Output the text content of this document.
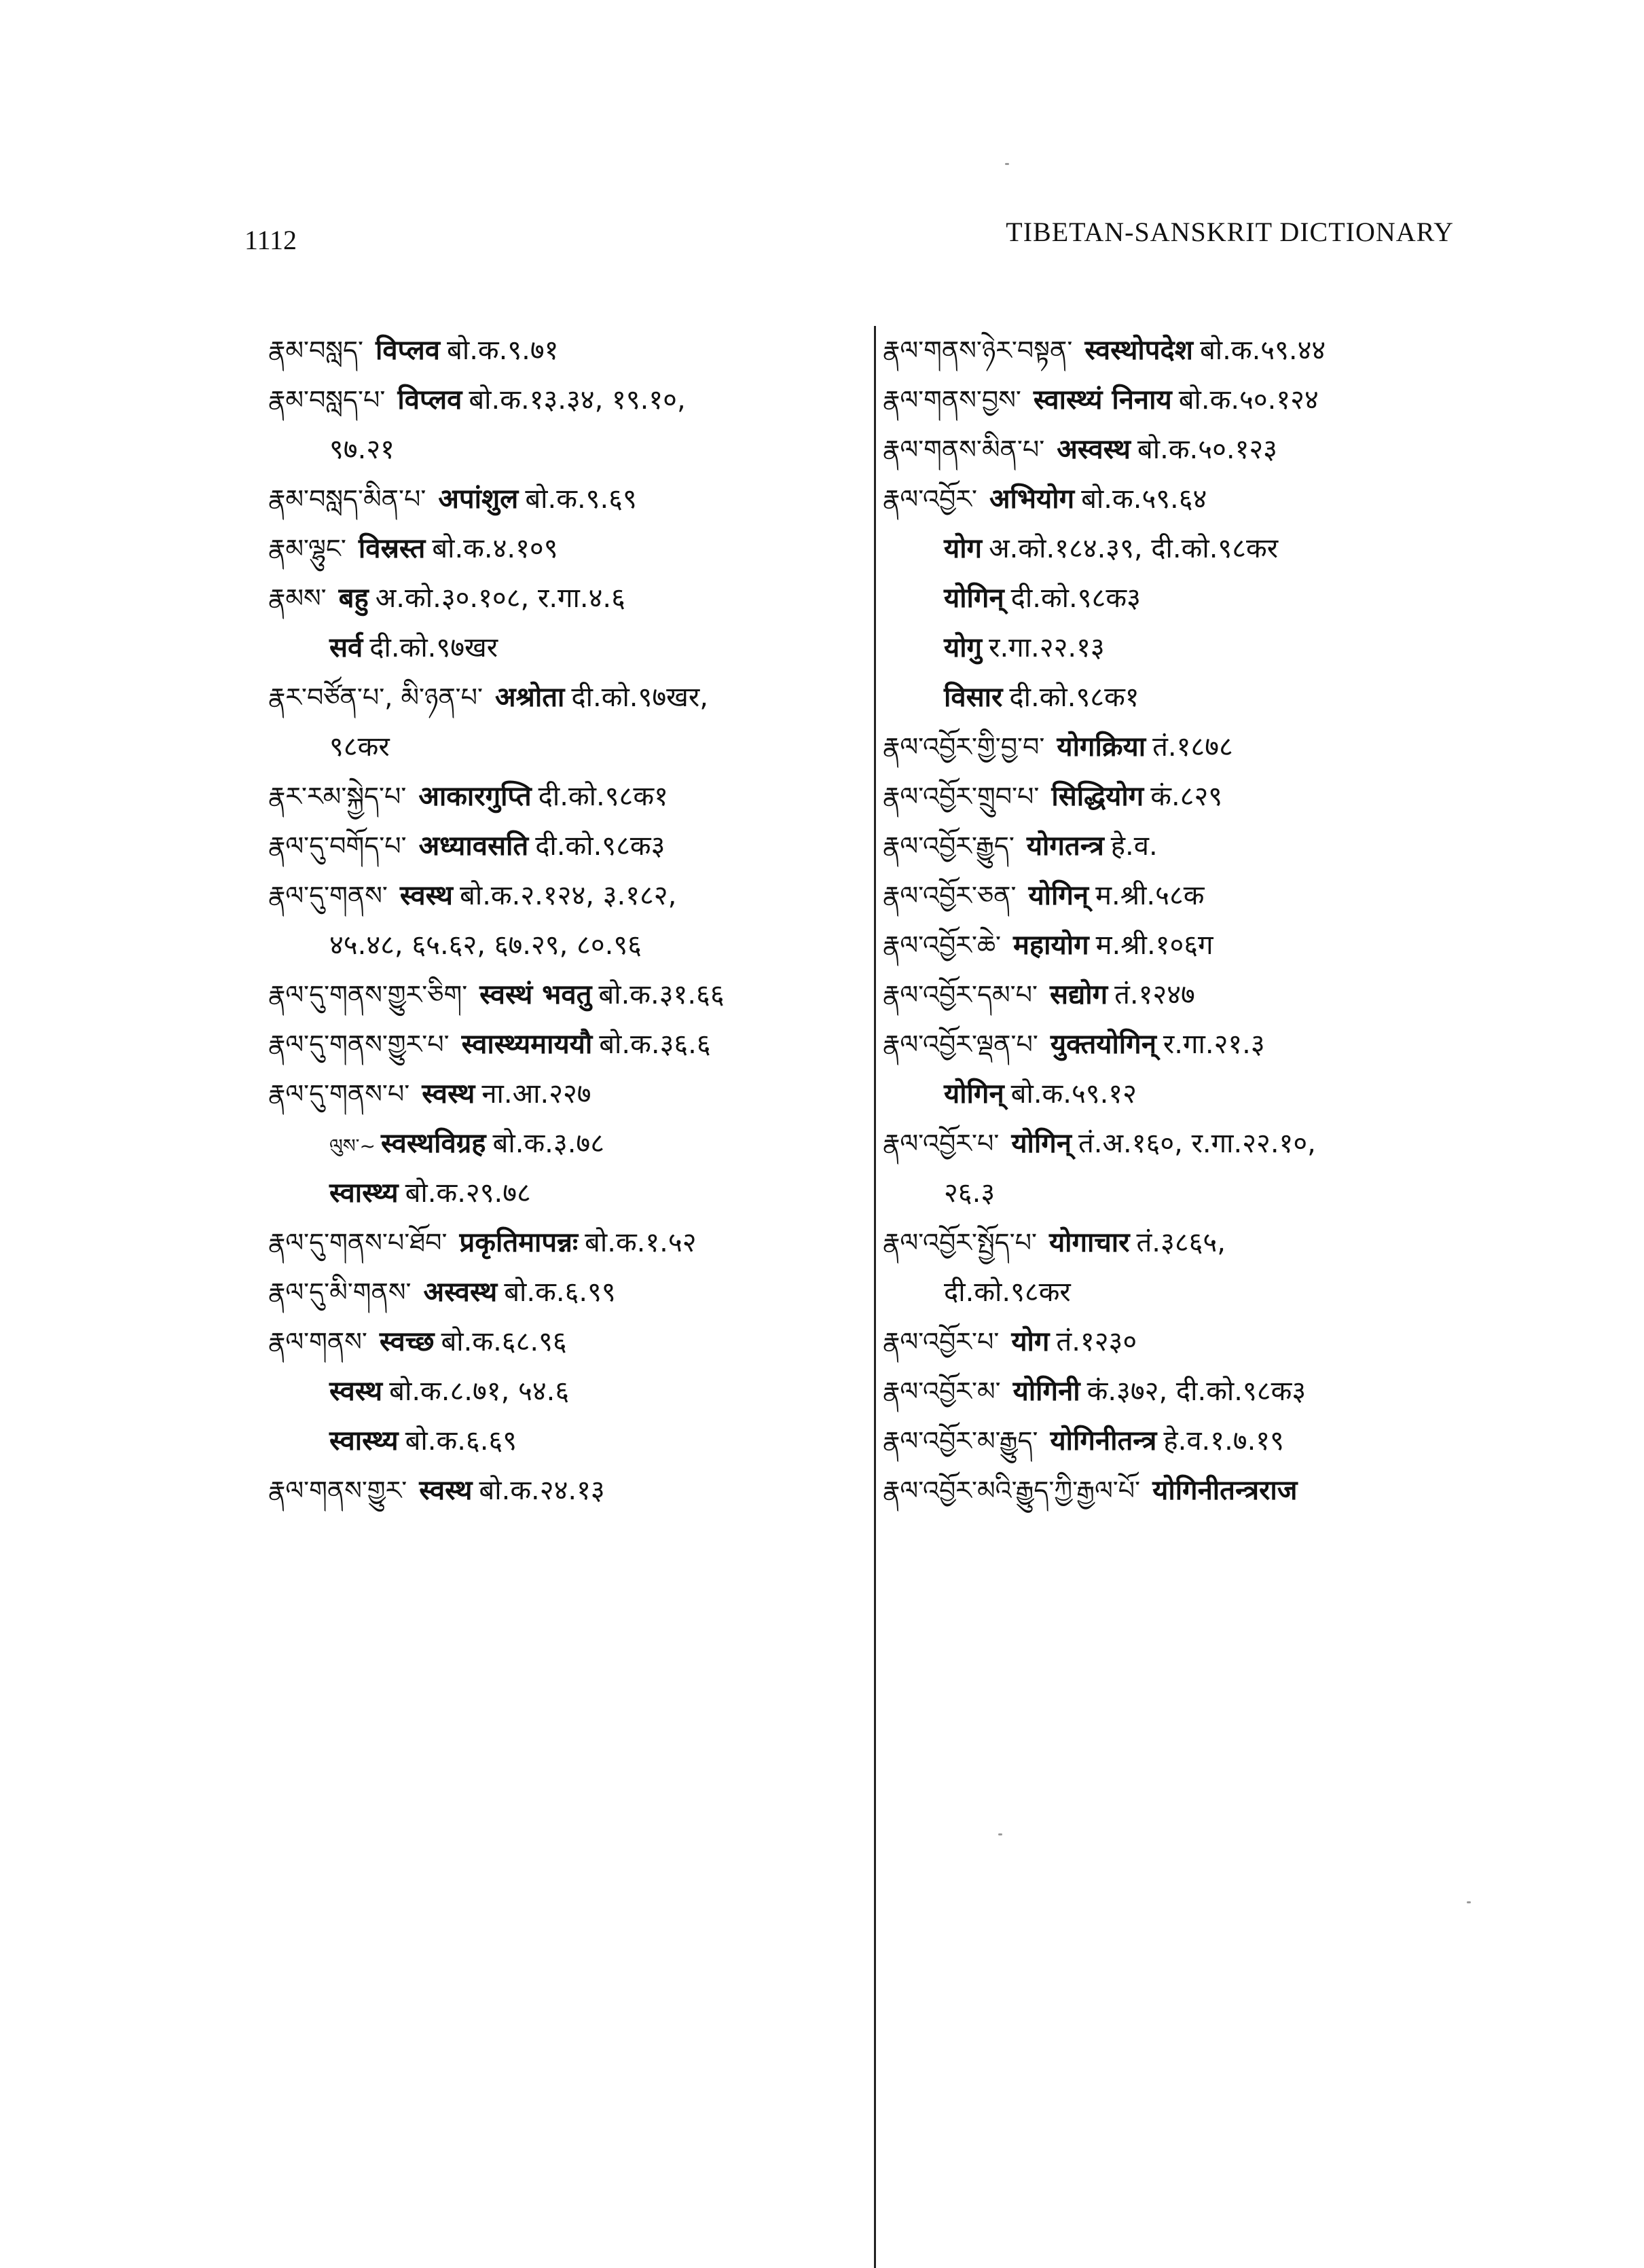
1112	TIBETAN-SANSKRIT DICTIONARY
རྣམ་བསླད་ विप्लव बो.क.९.७१
རྣམ་བསླད་པ་ विप्लव बो.क.१३.३४, १९.१०,
९७.२१
རྣམ་བསླད་མིན་པ་ अपांशुल बो.क.९.६९
རྣམ་ལྷུང་ विस्रस्त बो.क.४.१०९
རྣམས་ बहु अ.को.३०.१०८, र.गा.४.६
सर्व दी.को.९७खर
རྣར་བཙོན་པ་, མི་ཉན་པ་ अश्रोता दी.को.९७खर,
९८कर
རྣར་རམ་སྐྱེད་པ་ आकारगुप्ति दी.को.९८क१
རྣལ་དུ་བགོད་པ་ अध्यावसति दी.को.९८क३
རྣལ་དུ་གནས་ स्वस्थ बो.क.२.१२४, ३.१८२,
४५.४८, ६५.६२, ६७.२९, ८०.९६
རྣལ་དུ་གནས་གྱུར་ཅིག་ स्वस्थं भवतु बो.क.३१.६६
རྣལ་དུ་གནས་གྱུར་པ་ स्वास्थ्यमाययौ बो.क.३६.६
རྣལ་དུ་གནས་པ་ स्वस्थ ना.आ.२२७
ལུས་~ स्वस्थविग्रह बो.क.३.७८
स्वास्थ्य बो.क.२९.७८
རྣལ་དུ་གནས་པ་ཐོབ་ प्रकृतिमापन्नः बो.क.१.५२
རྣལ་དུ་མི་གནས་ अस्वस्थ बो.क.६.९९
རྣལ་གནས་ स्वच्छ बो.क.६८.९६
स्वस्थ बो.क.८.७१, ५४.६
स्वास्थ्य बो.क.६.६९
རྣལ་གནས་གྱུར་ स्वस्थ बो.क.२४.१३
རྣལ་གནས་ཉེར་བསྟན་ स्वस्थोपदेश बो.क.५९.४४
རྣལ་གནས་བྱས་ स्वास्थ्यं निनाय बो.क.५०.१२४
རྣལ་གནས་མིན་པ་ अस्वस्थ बो.क.५०.१२३
རྣལ་འབྱོར་ अभियोग बो.क.५९.६४
योग अ.को.१८४.३९, दी.को.९८कर
योगिन् दी.को.९८क३
योगु र.गा.२२.१३
विसार दी.को.९८क१
རྣལ་འབྱོར་གྱི་བྱ་བ་ योगक्रिया तं.१८७८
རྣལ་འབྱོར་གྲུབ་པ་ सिद्धियोग कं.८२९
རྣལ་འབྱོར་རྒྱུད་ योगतन्त्र हे.व.
རྣལ་འབྱོར་ཅན་ योगिन् म.श्री.५८क
རྣལ་འབྱོར་ཆེ་ महायोग म.श्री.१०६ग
རྣལ་འབྱོར་དམ་པ་ सद्योग तं.१२४७
རྣལ་འབྱོར་ལྡན་པ་ युक्तयोगिन् र.गा.२१.३
योगिन् बो.क.५९.१२
རྣལ་འབྱོར་པ་ योगिन् तं.अ.१६०, र.गा.२२.१०,
२६.३
རྣལ་འབྱོར་སྤྱོད་པ་ योगाचार तं.३८६५,
दी.को.९८कर
རྣལ་འབྱོར་པ་ योग तं.१२३०
རྣལ་འབྱོར་མ་ योगिनी कं.३७२, दी.को.९८क३
རྣལ་འབྱོར་མ་རྒྱུད་ योगिनीतन्त्र हे.व.१.७.१९
རྣལ་འབྱོར་མའི་རྒྱུད་ཀྱི་རྒྱལ་པོ་ योगिनीतन्त्रराज
